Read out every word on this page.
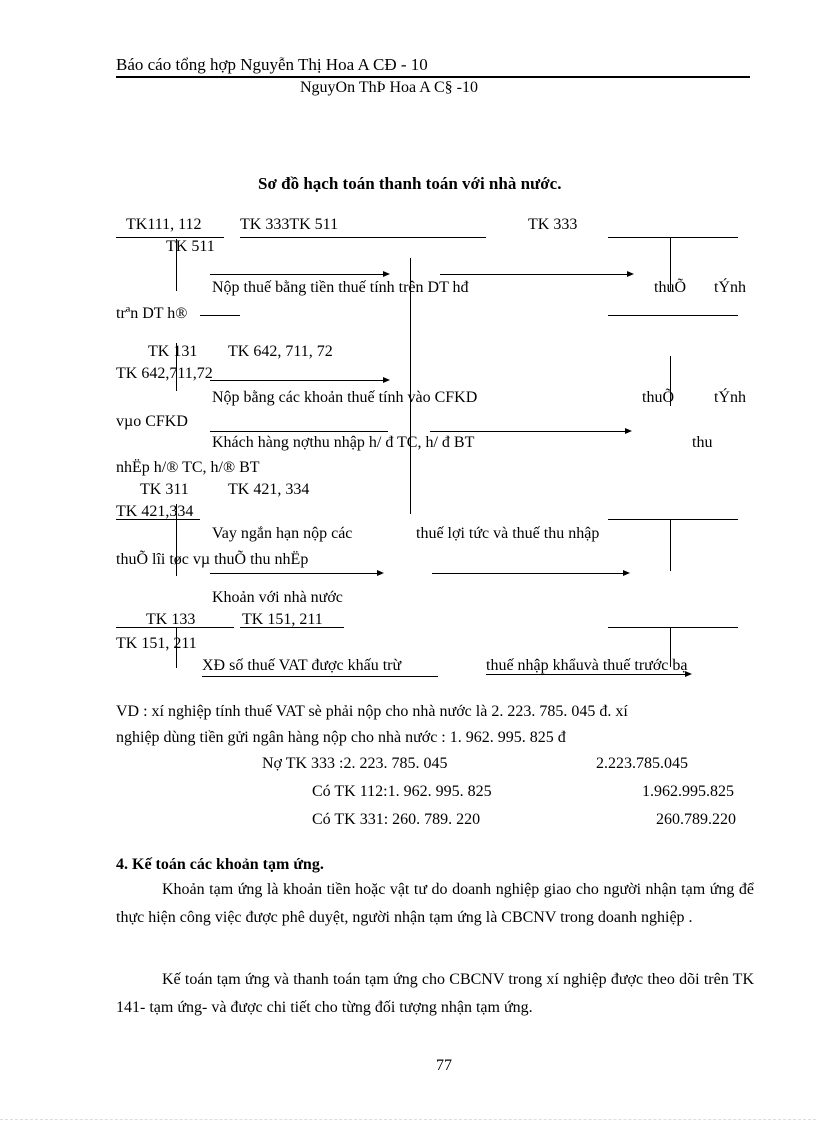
Báo cáo tổng hợp Nguyễn Thị Hoa A CĐ - 10
NguyOn ThÞ Hoa A C§ -10
Sơ đồ hạch toán thanh toán với nhà nước.
TK111, 112 TK 333TK 511	TK 333
TK 511
Nộp thuế bằng tiền thuế tính trên DT hđ	thuÕ tÝnh
trªn DT h®
TK 131 TK 642, 711, 72
TK 642,711,72
Nộp bằng các khoản thuế tính vào CFKD	thuÕ	tÝnh
vµo CFKD
Khách hàng nợthu nhập h/ đ TC, h/ đ BT	thu
nhËp h/® TC, h/® BT
TK 311 TK 421, 334
TK 421,334
Vay ngắn hạn nộp các	thuế lợi tức và thuế thu nhập
thuÕ lîi tøc vµ thuÕ thu nhËp
Khoản với nhà nước
TK 133	TK 151, 211
TK 151, 211
XĐ số thuế VAT được khấu trừ	thuế nhập khẩuvà thuế trước bạ
VD : xí nghiệp tính thuế VAT sè phải nộp cho nhà nước là 2. 223. 785. 045 đ. xí
nghiệp dùng tiền gửi ngân hàng nộp cho nhà nước : 1. 962. 995. 825 đ
Nợ TK 333 :2. 223. 785. 045	2.223.785.045
Có TK 112:1. 962. 995. 825	1.962.995.825
Có TK 331: 260. 789. 220	260.789.220
4. Kế toán các khoản tạm ứng.
Khoản tạm ứng là khoản tiền hoặc vật tư do doanh nghiệp giao cho người nhận tạm ứng để thực hiện công việc được phê duyệt, người nhận tạm ứng là CBCNV trong doanh nghiệp .
Kế toán tạm ứng và thanh toán tạm ứng cho CBCNV trong xí nghiệp được theo dõi trên TK 141- tạm ứng- và được chi tiết cho từng đối tượng nhận tạm ứng.
77
